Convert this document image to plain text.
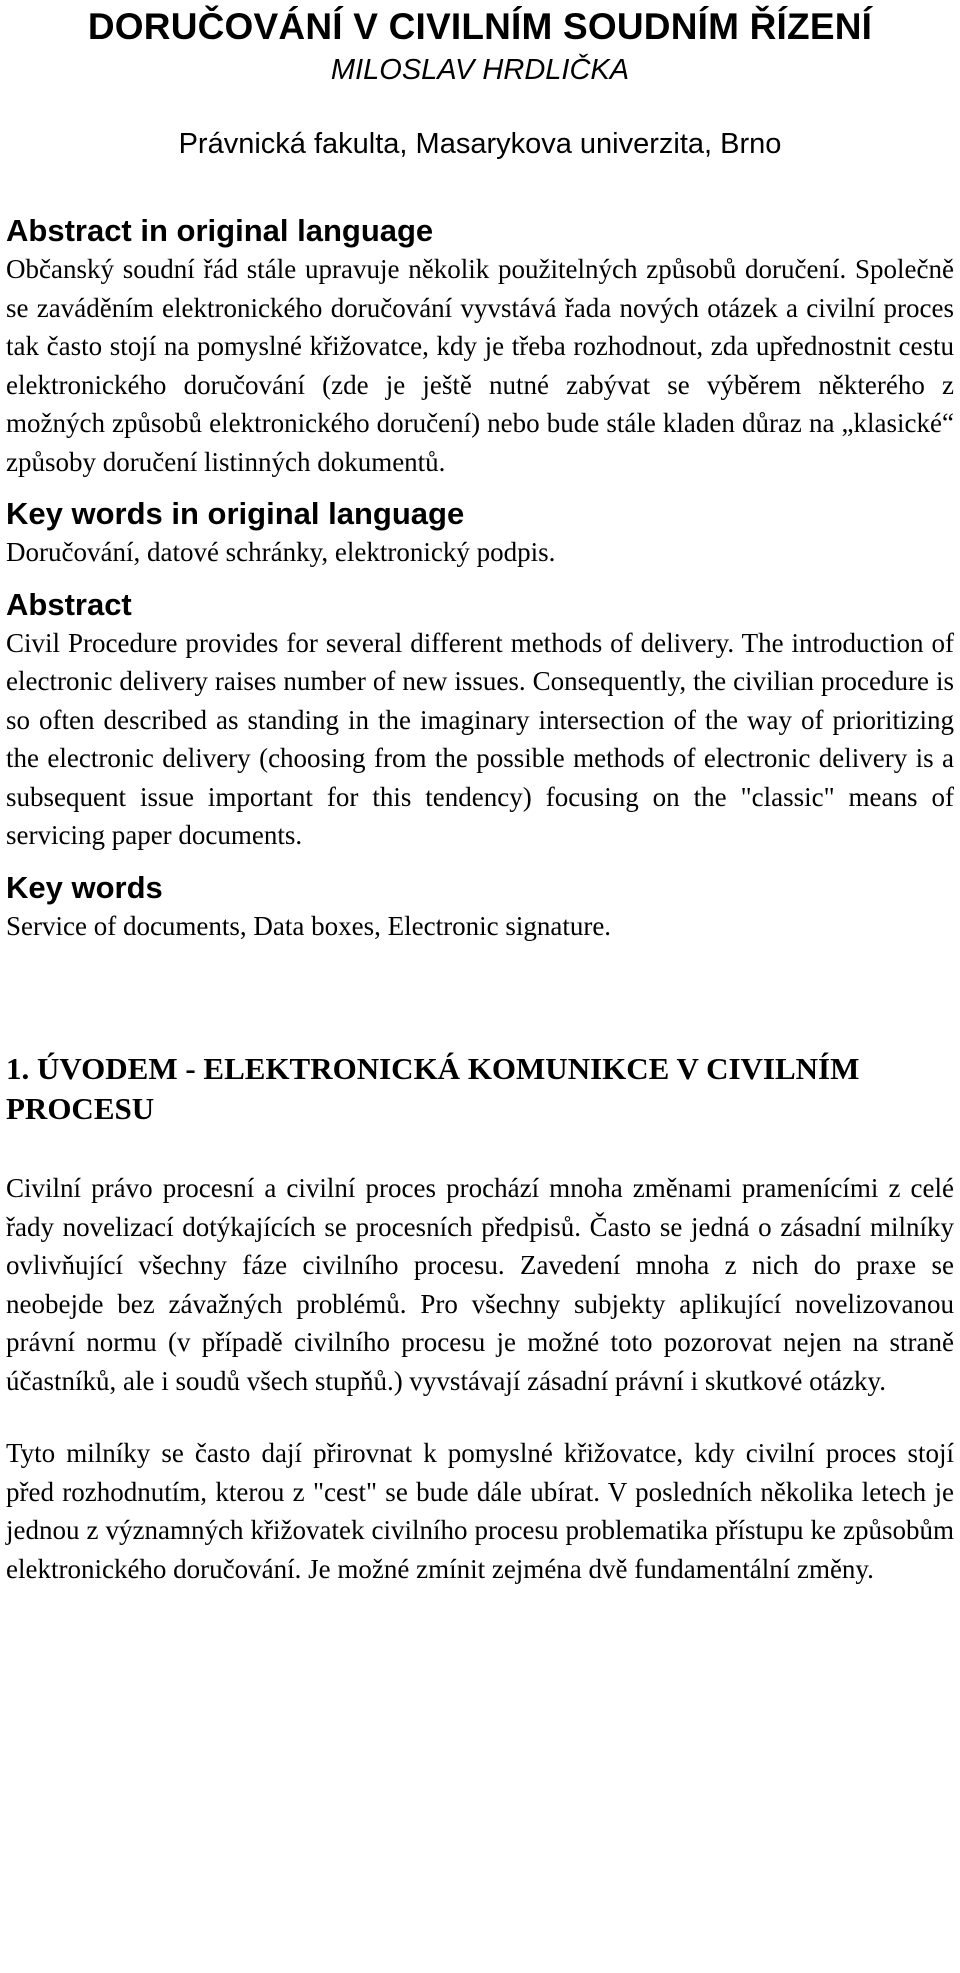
DORUČOVÁNÍ V CIVILNÍM SOUDNÍM ŘÍZENÍ

MILOSLAV HRDLIČKA

Právnická fakulta, Masarykova univerzita, Brno

Abstract in original language

Občanský soudní řád stále upravuje několik použitelných způsobů doručení. Společně se zaváděním elektronického doručování vyvstává řada nových otázek a civilní proces tak často stojí na pomyslné křižovatce, kdy je třeba rozhodnout, zda upřednostnit cestu elektronického doručování (zde je ještě nutné zabývat se výběrem některého z možných způsobů elektronického doručení) nebo bude stále kladen důraz na „klasické“ způsoby doručení listinných dokumentů.

Key words in original language

Doručování, datové schránky, elektronický podpis.

Abstract

Civil Procedure provides for several different methods of delivery. The introduction of electronic delivery raises number of new issues. Consequently, the civilian procedure is so often described as standing in the imaginary intersection of the way of prioritizing the electronic delivery (choosing from the possible methods of electronic delivery is a subsequent issue important for this tendency) focusing on the "classic" means of servicing paper documents.

Key words

Service of documents, Data boxes, Electronic signature.

1. ÚVODEM - ELEKTRONICKÁ KOMUNIKCE V CIVILNÍM PROCESU

Civilní právo procesní a civilní proces prochází mnoha změnami pramenícími z celé řady novelizací dotýkajících se procesních předpisů. Často se jedná o zásadní milníky ovlivňující všechny fáze civilního procesu. Zavedení mnoha z nich do praxe se neobejde bez závažných problémů. Pro všechny subjekty aplikující novelizovanou právní normu (v případě civilního procesu je možné toto pozorovat nejen na straně účastníků, ale i soudů všech stupňů.) vyvstávají zásadní právní i skutkové otázky.

Tyto milníky se často dají přirovnat k pomyslné křižovatce, kdy civilní proces stojí před rozhodnutím, kterou z "cest" se bude dále ubírat. V posledních několika letech je jednou z významných křižovatek civilního procesu problematika přístupu ke způsobům elektronického doručování. Je možné zmínit zejména dvě fundamentální změny.
